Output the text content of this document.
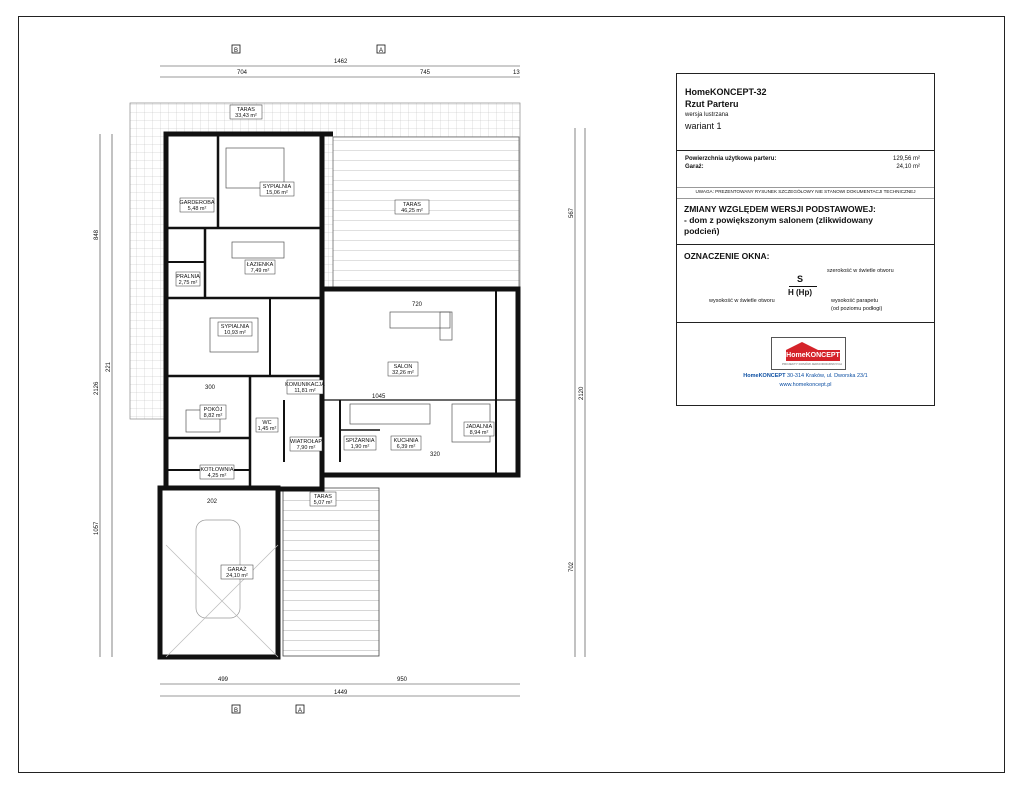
B	A
B	A
1462
704	745	13
499	950
1449
848
221
2126
1057
567
2120
702
1045
720
320
300
202
TARAS
33,43 m²
TARAS
46,25 m²
SYPIALNIA
15,06 m²
GARDEROBA
5,48 m²
ŁAZIENKA
7,49 m²
PRALNIA
2,75 m²
SYPIALNIA
10,93 m²
SALON
32,26 m²
KOMUNIKACJA
11,81 m²
POKÓJ
8,82 m²
WC
1,45 m²
WIATROŁAP
7,90 m²
SPIŻARNIA
1,90 m²
KUCHNIA
6,39 m²
JADALNIA
8,94 m²
KOTŁOWNIA
4,25 m²
TARAS
5,07 m²
GARAŻ
24,10 m²
HomeKONCEPT-32
Rzut Parteru
wersja lustrzana
wariant 1
Powierzchnia użytkowa parteru:	129,56 m²
Garaż:	24,10 m²
UWAGA: PREZENTOWANY RYSUNEK SZCZEGÓŁOWY NIE STANOWI DOKUMENTACJI TECHNICZNEJ
ZMIANY WZGLĘDEM WERSJI PODSTAWOWEJ:
- dom z powiększonym salonem (zlikwidowany
podcień)
OZNACZENIE OKNA:
S
H (Hp)
szerokość w świetle otworu
wysokość w świetle otworu	wysokość parapetu
(od poziomu podłogi)
HomeKONCEPT
PROJEKTY DOMÓW JEDNORODZINNYCH
HomeKONCEPT 30-314 Kraków, ul. Dworska 23/1
www.homekoncept.pl
